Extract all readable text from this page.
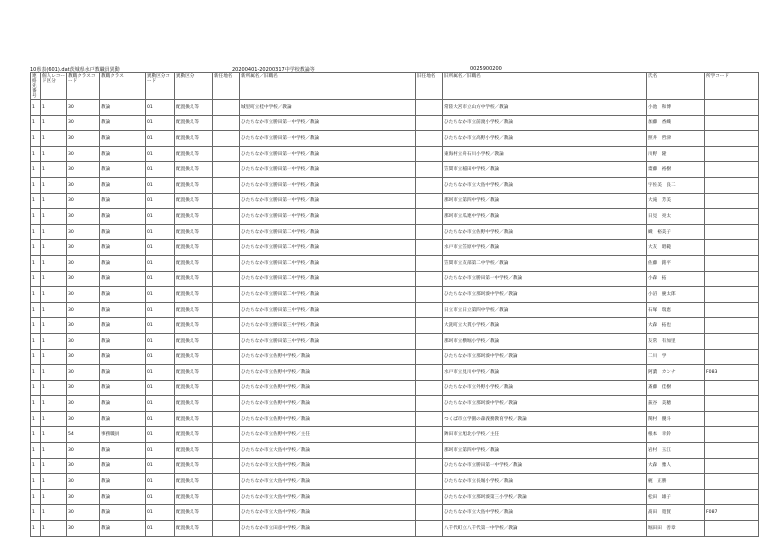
10県表(601).dat茨城県水戸教職員異動	20200401-20200317中学校教論等	0025900200
連絡先番号	個人レコード区分	教職クラスコード	教職クラス	異動区分コード	異動区分	新任地名	新所属名／旧職名	旧任地名	旧所属名／旧職名	氏名	所学コード
1	1	30	教論	01	配置換え等		城里町立桂中学校／教論		常陸大宮市立山方中学校／教論	小池　和博	
1	1	30	教論	01	配置換え等		ひたちなか市立勝田第一中学校／教論		ひたちなか市立前渡小学校／教論	加藤　香織	
1	1	30	教論	01	配置換え等		ひたちなか市立勝田第一中学校／教論		ひたちなか市立高野小学校／教論	照井　哲津	
1	1	30	教論	01	配置換え等		ひたちなか市立勝田第一中学校／教論		東海村立舟石川小学校／教論	川野　隆	
1	1	30	教論	01	配置換え等		ひたちなか市立勝田第一中学校／教論		笠間市立稲田中学校／教論	齋藤　裕樹	
1	1	30	教論	01	配置換え等		ひたちなか市立勝田第一中学校／教論		ひたちなか市立大島中学校／教論	宇佐美　良二	
1	1	30	教論	01	配置換え等		ひたちなか市立勝田第一中学校／教論		那珂市立第四中学校／教論	大滝　芳美	
1	1	30	教論	01	配置換え等		ひたちなか市立勝田第一中学校／教論		那珂市立瓜連中学校／教論	日見　亮太	
1	1	30	教論	01	配置換え等		ひたちなか市立勝田第二中学校／教論		ひたちなか市立佐野中学校／教論	織　裕美子	
1	1	30	教論	01	配置換え等		ひたちなか市立勝田第二中学校／教論		水戸市立笠原中学校／教論	大友　昭範	
1	1	30	教論	01	配置換え等		ひたちなか市立勝田第二中学校／教論		笠間市立友部第二中学校／教論	佐藤　銘平	
1	1	30	教論	01	配置換え等		ひたちなか市立勝田第二中学校／教論		ひたちなか市立勝田第一中学校／教論	小森　拓	
1	1	30	教論	01	配置換え等		ひたちなか市立勝田第二中学校／教論		ひたちなか市立那珂湊中学校／教論	小沼　慶太郎	
1	1	30	教論	01	配置換え等		ひたちなか市立勝田第三中学校／教論		日立市立日立第四中学校／教論	石塚　瑞恵	
1	1	30	教論	01	配置換え等		ひたちなか市立勝田第三中学校／教論		大洗町立大貫小学校／教論	大森　拓也	
1	1	30	教論	01	配置換え等		ひたちなか市立勝田第三中学校／教論		那珂市立横堀小学校／教論	友常　有加里	
1	1	30	教論	01	配置換え等		ひたちなか市立佐野中学校／教論		ひたちなか市立那珂湊中学校／教論	二川　学	
1	1	30	教論	01	配置換え等		ひたちなか市立佐野中学校／教論		水戸市立見川中学校／教論	阿濃　カンナ	F083
1	1	30	教論	01	配置換え等		ひたちなか市立佐野中学校／教論		ひたちなか市立外野小学校／教論	斎藤　佳樹	
1	1	30	教論	01	配置換え等		ひたちなか市立佐野中学校／教論		ひたちなか市立那珂湊中学校／教論	荻谷　美穂	
1	1	30	教論	01	配置換え等		ひたちなか市立佐野中学校／教論		つくば市立学園の森義務教育学校／教論	関村　優斗	
1	1	54	事務職員	01	配置換え等		ひたちなか市立佐野中学校／主任		鉾田市立旭北小学校／主任	根本　幸鈴	
1	1	30	教論	01	配置換え等		ひたちなか市立大島中学校／教論		那珂市立第四中学校／教論	岩村　玉江	
1	1	30	教論	01	配置換え等		ひたちなか市立大島中学校／教論		ひたちなか市立勝田第一中学校／教論	大森　雅人	
1	1	30	教論	01	配置換え等		ひたちなか市立大島中学校／教論		ひたちなか市立長堀小学校／教論	梶　正勝	
1	1	30	教論	01	配置換え等		ひたちなか市立大島中学校／教論		ひたちなか市立那珂湊第三小学校／教論	松田　雄子	
1	1	30	教論	01	配置換え等		ひたちなか市立大島中学校／教論		ひたちなか市立大島中学校／教論	髙田　寛賀	F087
1	1	30	教論	01	配置換え等		ひたちなか市立田彦中学校／教論		八千代町立八千代第一中学校／教論	堀田田　善章	
